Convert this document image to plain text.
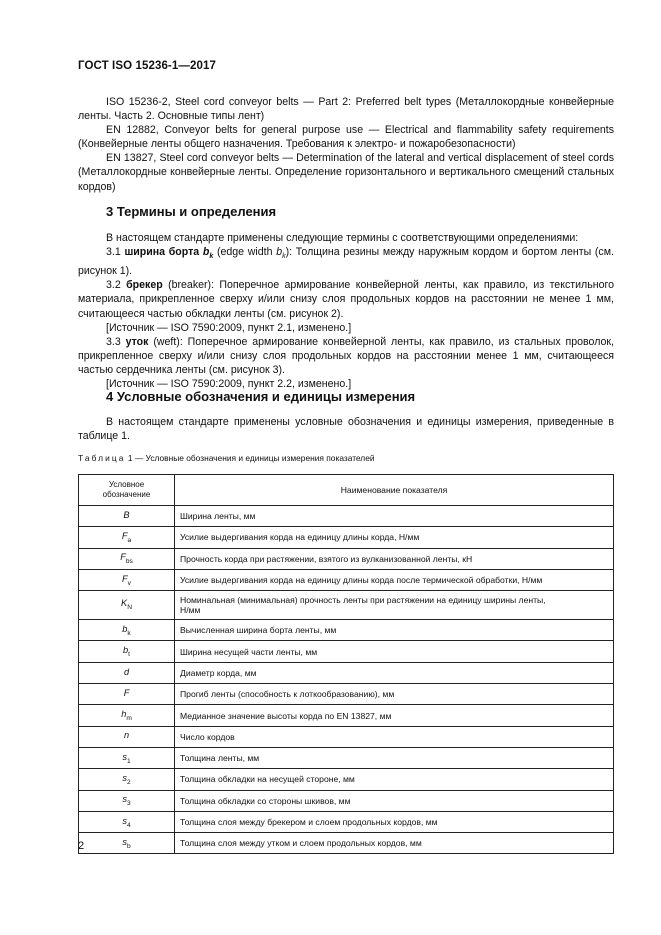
ГОСТ ISO 15236-1—2017

ISO 15236-2, Steel cord conveyor belts — Part 2: Preferred belt types (Металлокордные конвейерные ленты. Часть 2. Основные типы лент)

EN 12882, Conveyor belts for general purpose use — Electrical and flammability safety requirements (Конвейерные ленты общего назначения. Требования к электро- и пожаробезопасности)

EN 13827, Steel cord conveyor belts — Determination of the lateral and vertical displacement of steel cords (Металлокордные конвейерные ленты. Определение горизонтального и вертикального смещений стальных кордов)

3 Термины и определения

В настоящем стандарте применены следующие термины с соответствующими определениями:

3.1 ширина борта $b_k$ (edge width $b_k$): Толщина резины между наружным кордом и бортом ленты (см. рисунок 1).

3.2 брекер (breaker): Поперечное армирование конвейерной ленты, как правило, из текстильного материала, прикрепленное сверху и/или снизу слоя продольных кордов на расстоянии не менее 1 мм, считающееся частью обкладки ленты (см. рисунок 2).

[Источник — ISO 7590:2009, пункт 2.1, изменено.]

3.3 уток (weft): Поперечное армирование конвейерной ленты, как правило, из стальных проволок, прикрепленное сверху и/или снизу слоя продольных кордов на расстоянии менее 1 мм, считающееся частью сердечника ленты (см. рисунок 3).

[Источник — ISO 7590:2009, пункт 2.2, изменено.]

4 Условные обозначения и единицы измерения

В настоящем стандарте применены условные обозначения и единицы измерения, приведенные в таблице 1.

Таблица 1 — Условные обозначения и единицы измерения показателей
Условное
обозначение	Наименование показателя
B	Ширина ленты, мм
$F_a$	Усилие выдергивания корда на единицу длины корда, Н/мм
$F_{bs}$	Прочность корда при растяжении, взятого из вулканизованной ленты, кН
$F_v$	Усилие выдергивания корда на единицу длины корда после термической обработки, Н/мм
$K_N$	Номинальная (минимальная) прочность ленты при растяжении на единицу ширины ленты,
Н/мм
$b_k$	Вычисленная ширина борта ленты, мм
$b_t$	Ширина несущей части ленты, мм
d	Диаметр корда, мм
F	Прогиб ленты (способность к лоткообразованию), мм
$h_m$	Медианное значение высоты корда по EN 13827, мм
n	Число кордов
$s_1$	Толщина ленты, мм
$s_2$	Толщина обкладки на несущей стороне, мм
$s_3$	Толщина обкладки со стороны шкивов, мм
$s_4$	Толщина слоя между брекером и слоем продольных кордов, мм
$s_b$	Толщина слоя между утком и слоем продольных кордов, мм
2
